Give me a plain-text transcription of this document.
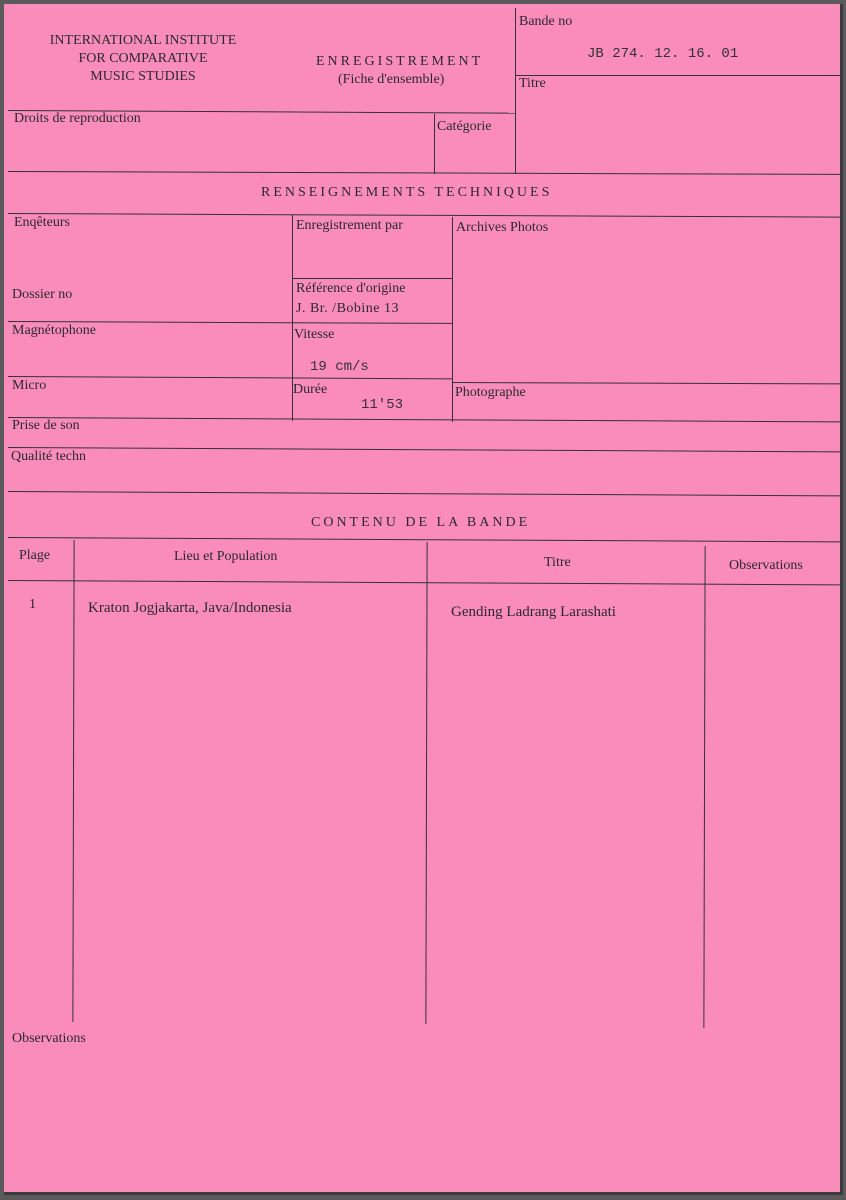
INTERNATIONAL INSTITUTE
FOR COMPARATIVE
MUSIC STUDIES
ENREGISTREMENT
(Fiche d'ensemble)
Bande no
JB 274. 12. 16. 01
Titre
Droits de reproduction
Catégorie
RENSEIGNEMENTS TECHNIQUES
Enqêteurs	Enregistrement par	Archives Photos
Dossier no	Référence d'origine
J. Br. /Bobine 13
Magnétophone	Vitesse
19 cm/s
Micro	Durée
11'53
Photographe
Prise de son
Qualité techn
CONTENU DE LA BANDE
Plage	Lieu et Population	Titre	Observations
1	Kraton Jogjakarta, Java/Indonesia	Gending Ladrang Larashati
Observations
